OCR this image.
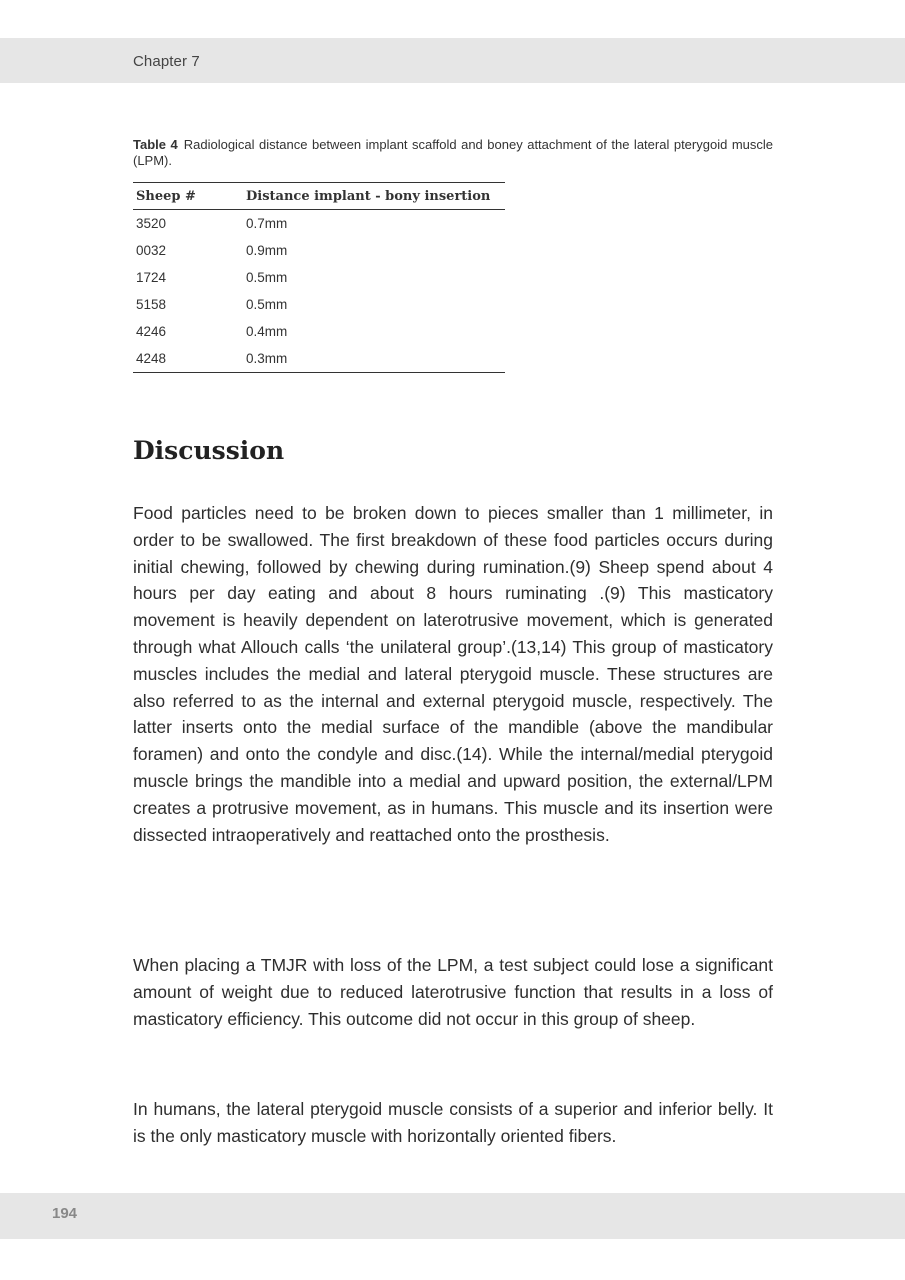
Chapter 7
Table 4 Radiological distance between implant scaffold and boney attachment of the lateral pterygoid muscle (LPM).
Sheep #	Distance implant - bony insertion
3520	0.7mm
0032	0.9mm
1724	0.5mm
5158	0.5mm
4246	0.4mm
4248	0.3mm
Discussion

Food particles need to be broken down to pieces smaller than 1 millimeter, in order to be swallowed. The first breakdown of these food particles occurs during initial chewing, followed by chewing during rumination.(9) Sheep spend about 4 hours per day eating and about 8 hours ruminating .(9) This masticatory movement is heavily dependent on laterotrusive movement, which is generated through what Allouch calls ‘the unilateral group’.(13,14) This group of masticatory muscles includes the medial and lateral pterygoid muscle. These structures are also referred to as the internal and external pterygoid muscle, respectively. The latter inserts onto the medial surface of the mandible (above the mandibular foramen) and onto the condyle and disc.(14). While the internal/medial pterygoid muscle brings the mandible into a medial and upward position, the external/LPM creates a protrusive movement, as in humans. This muscle and its insertion were dissected intraoperatively and reattached onto the prosthesis.

When placing a TMJR with loss of the LPM, a test subject could lose a significant amount of weight due to reduced laterotrusive function that results in a loss of masticatory efficiency. This outcome did not occur in this group of sheep.

In humans, the lateral pterygoid muscle consists of a superior and inferior belly. It is the only masticatory muscle with horizontally oriented fibers.

194
